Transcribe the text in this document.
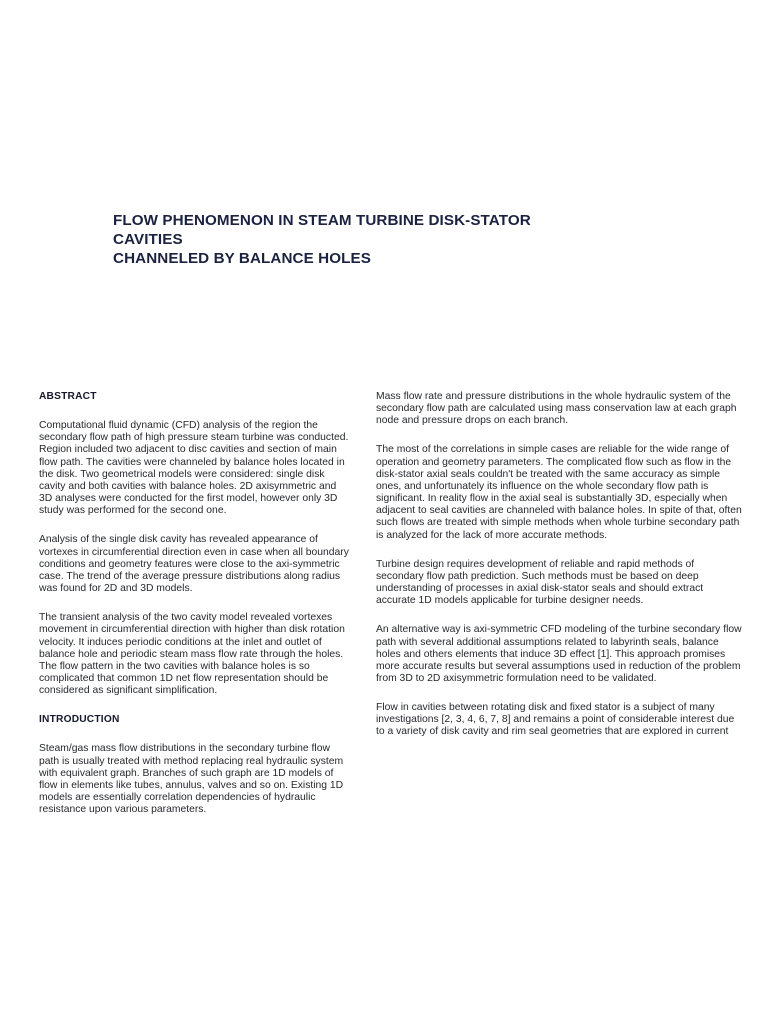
FLOW PHENOMENON IN STEAM TURBINE DISK-STATOR
CAVITIES
CHANNELED BY BALANCE HOLES
ABSTRACT

Computational fluid dynamic (CFD) analysis of the region the secondary flow path of high pressure steam turbine was conducted. Region included two adjacent to disc cavities and section of main flow path. The cavities were channeled by balance holes located in the disk. Two geometrical models were considered: single disk cavity and both cavities with balance holes. 2D axisymmetric and 3D analyses were conducted for the first model, however only 3D study was performed for the second one.

Analysis of the single disk cavity has revealed appearance of vortexes in circumferential direction even in case when all boundary conditions and geometry features were close to the axi-symmetric case. The trend of the average pressure distributions along radius was found for 2D and 3D models.

The transient analysis of the two cavity model revealed vortexes movement in circumferential direction with higher than disk rotation velocity. It induces periodic conditions at the inlet and outlet of balance hole and periodic steam mass flow rate through the holes. The flow pattern in the two cavities with balance holes is so complicated that common 1D net flow representation should be considered as significant simplification.

INTRODUCTION

Steam/gas mass flow distributions in the secondary turbine flow path is usually treated with method replacing real hydraulic system with equivalent graph. Branches of such graph are 1D models of flow in elements like tubes, annulus, valves and so on. Existing 1D models are essentially correlation dependencies of hydraulic resistance upon various parameters.

Mass flow rate and pressure distributions in the whole hydraulic system of the secondary flow path are calculated using mass conservation law at each graph node and pressure drops on each branch.

The most of the correlations in simple cases are reliable for the wide range of operation and geometry parameters. The complicated flow such as flow in the disk-stator axial seals couldn't be treated with the same accuracy as simple ones, and unfortunately its influence on the whole secondary flow path is significant. In reality flow in the axial seal is substantially 3D, especially when adjacent to seal cavities are channeled with balance holes. In spite of that, often such flows are treated with simple methods when whole turbine secondary path is analyzed for the lack of more accurate methods.

Turbine design requires development of reliable and rapid methods of secondary flow path prediction. Such methods must be based on deep understanding of processes in axial disk-stator seals and should extract accurate 1D models applicable for turbine designer needs.

An alternative way is axi-symmetric CFD modeling of the turbine secondary flow path with several additional assumptions related to labyrinth seals, balance holes and others elements that induce 3D effect [1]. This approach promises more accurate results but several assumptions used in reduction of the problem from 3D to 2D axisymmetric formulation need to be validated.

Flow in cavities between rotating disk and fixed stator is a subject of many investigations [2, 3, 4, 6, 7, 8] and remains a point of considerable interest due to a variety of disk cavity and rim seal geometries that are explored in current
